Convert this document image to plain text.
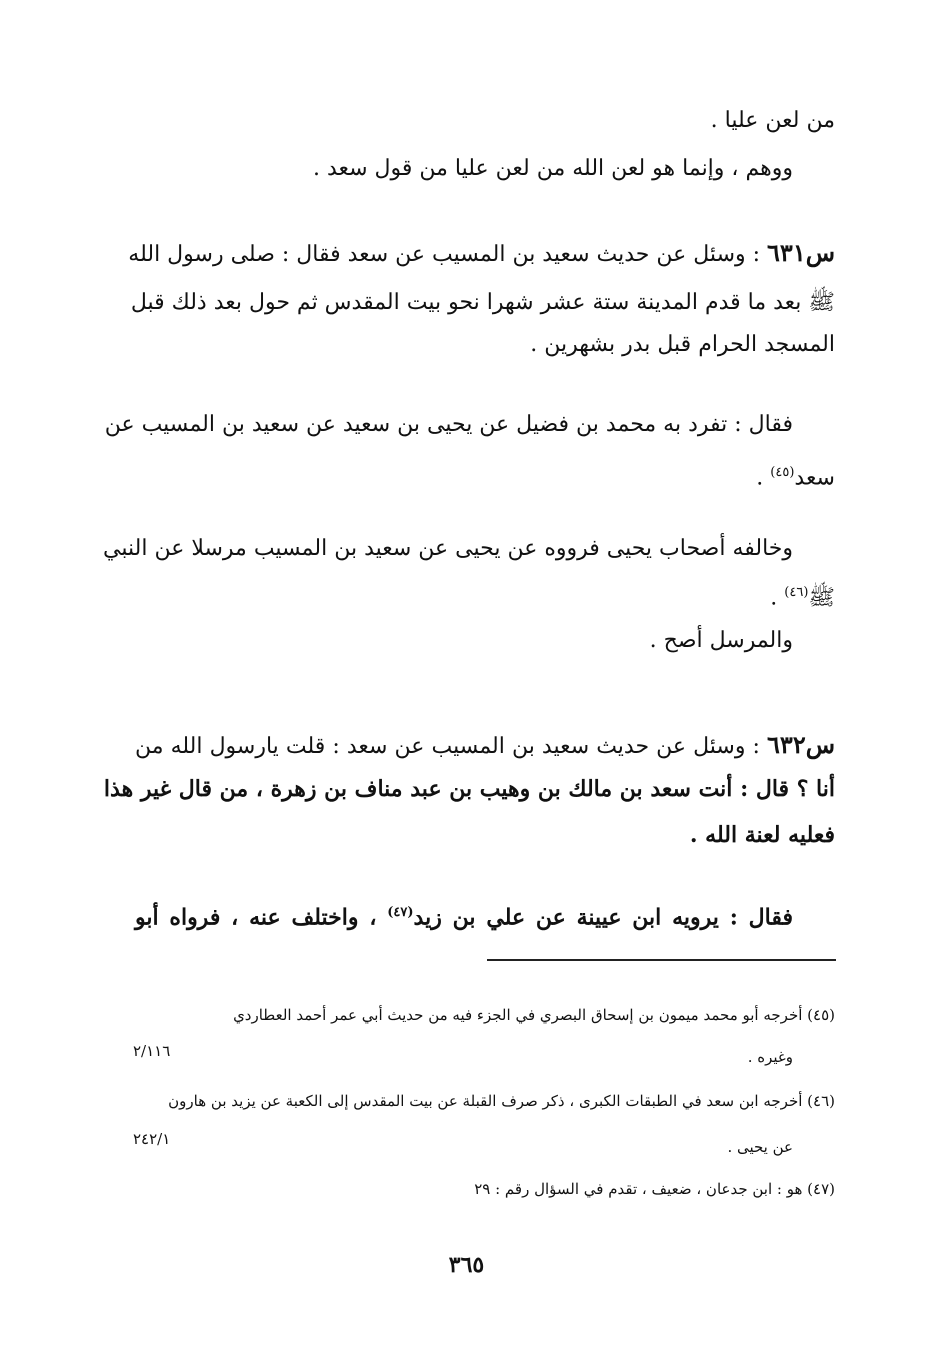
من لعن عليا .
ووهم ، وإنما هو لعن الله من لعن عليا من قول سعد .
س٦٣١ : وسئل عن حديث سعيد بن المسيب عن سعد فقال : صلى رسول الله
ﷺ بعد ما قدم المدينة ستة عشر شهرا نحو بيت المقدس ثم حول بعد ذلك قبل
المسجد الحرام قبل بدر بشهرين .
فقال : تفرد به محمد بن فضيل عن يحيى بن سعيد عن سعيد بن المسيب عن
سعد$^{(٤٥)}$ .
وخالفه أصحاب يحيى فرووه عن يحيى عن سعيد بن المسيب مرسلا عن النبي
ﷺ$^{(٤٦)}$ .
والمرسل أصح .
س٦٣٢ : وسئل عن حديث سعيد بن المسيب عن سعد : قلت يارسول الله من
أنا ؟ قال : أنت سعد بن مالك بن وهيب بن عبد مناف بن زهرة ، من قال غير هذا
فعليه لعنة الله .
فقال : يرويه ابن عيينة عن علي بن زيد$^{(٤٧)}$ ، واختلف عنه ، فرواه أبو
(٤٥) أخرجه أبو محمد ميمون بن إسحاق البصري في الجزء فيه من حديث أبي عمر أحمد العطاردي
وغيره .
٢/١١٦
(٤٦) أخرجه ابن سعد في الطبقات الكبرى ، ذكر صرف القبلة عن بيت المقدس إلى الكعبة عن يزيد بن هارون
عن يحيى .
٢٤٢/١
(٤٧) هو : ابن جدعان ، ضعيف ، تقدم في السؤال رقم : ٢٩
٣٦٥
